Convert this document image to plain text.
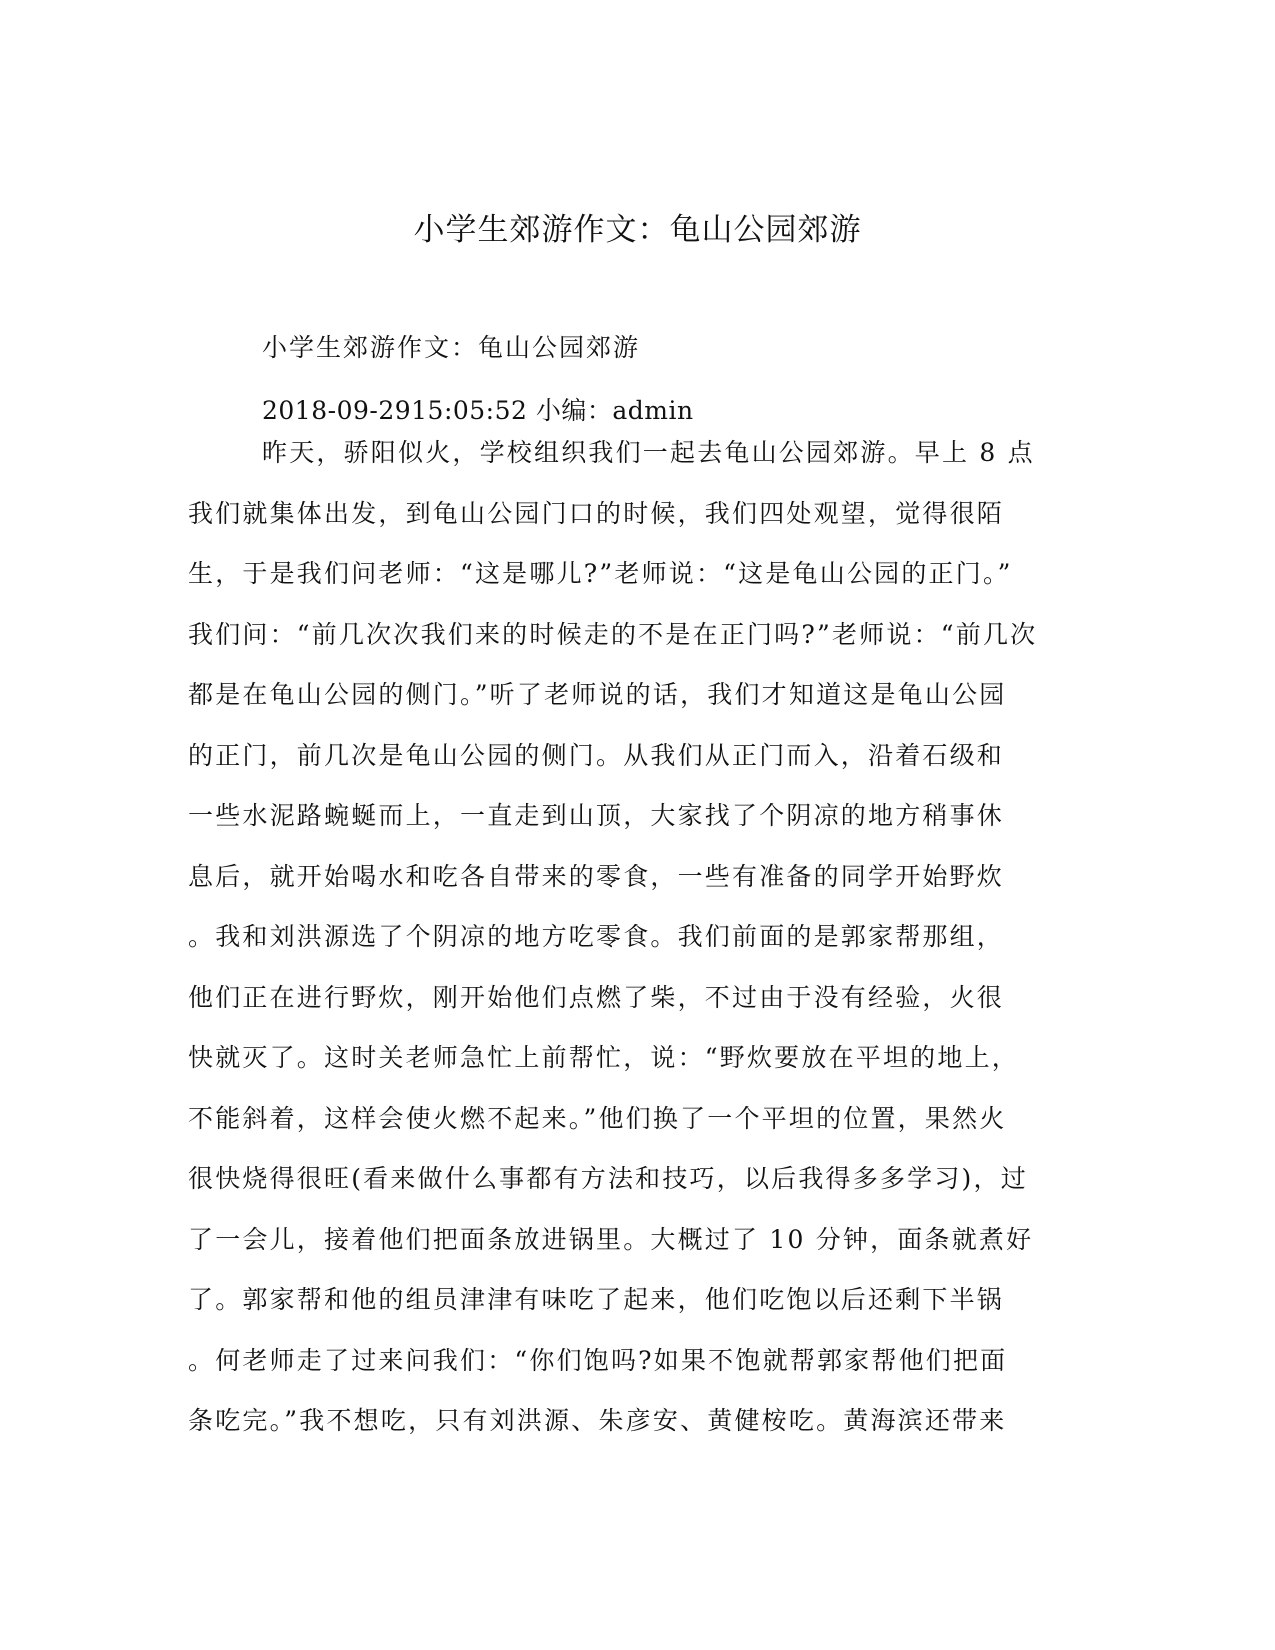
小学生郊游作文：龟山公园郊游
小学生郊游作文：龟山公园郊游
2018-09-2915:05:52 小编：admin
昨天，骄阳似火，学校组织我们一起去龟山公园郊游。早上 8 点
我们就集体出发，到龟山公园门口的时候，我们四处观望，觉得很陌
生，于是我们问老师：“这是哪儿?”老师说：“这是龟山公园的正门。”
我们问：“前几次次我们来的时候走的不是在正门吗?”老师说：“前几次
都是在龟山公园的侧门。”听了老师说的话，我们才知道这是龟山公园
的正门，前几次是龟山公园的侧门。从我们从正门而入，沿着石级和
一些水泥路蜿蜒而上，一直走到山顶，大家找了个阴凉的地方稍事休
息后，就开始喝水和吃各自带来的零食，一些有准备的同学开始野炊
。我和刘洪源选了个阴凉的地方吃零食。我们前面的是郭家帮那组，
他们正在进行野炊，刚开始他们点燃了柴，不过由于没有经验，火很
快就灭了。这时关老师急忙上前帮忙，说：“野炊要放在平坦的地上，
不能斜着，这样会使火燃不起来。”他们换了一个平坦的位置，果然火
很快烧得很旺(看来做什么事都有方法和技巧，以后我得多多学习)，过
了一会儿，接着他们把面条放进锅里。大概过了 10 分钟，面条就煮好
了。郭家帮和他的组员津津有味吃了起来，他们吃饱以后还剩下半锅
。何老师走了过来问我们：“你们饱吗?如果不饱就帮郭家帮他们把面
条吃完。”我不想吃，只有刘洪源、朱彦安、黄健桉吃。黄海滨还带来
